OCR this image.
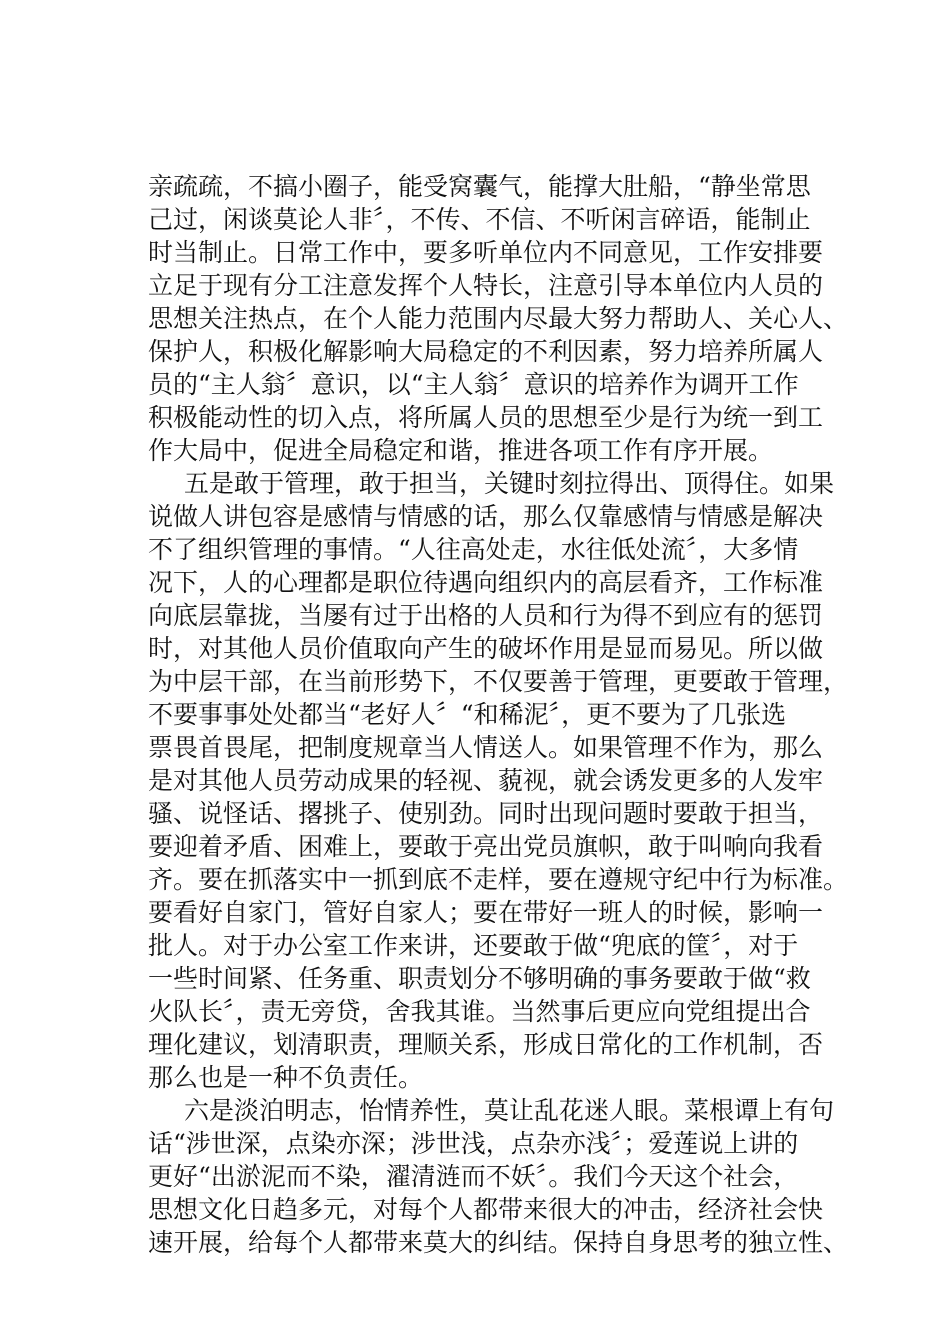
亲疏疏，不搞小圈子，能受窝囊气，能撑大肚船，“静坐常思
己过，闲谈莫论人非〞，不传、不信、不听闲言碎语，能制止
时当制止。日常工作中，要多听单位内不同意见，工作安排要
立足于现有分工注意发挥个人特长，注意引导本单位内人员的
思想关注热点，在个人能力范围内尽最大努力帮助人、关心人、
保护人，积极化解影响大局稳定的不利因素，努力培养所属人
员的“主人翁〞意识，以“主人翁〞意识的培养作为调开工作
积极能动性的切入点，将所属人员的思想至少是行为统一到工
作大局中，促进全局稳定和谐，推进各项工作有序开展。
五是敢于管理，敢于担当，关键时刻拉得出、顶得住。如果
说做人讲包容是感情与情感的话，那么仅靠感情与情感是解决
不了组织管理的事情。“人往高处走，水往低处流〞，大多情
况下，人的心理都是职位待遇向组织内的高层看齐，工作标准
向底层靠拢，当屡有过于出格的人员和行为得不到应有的惩罚
时，对其他人员价值取向产生的破坏作用是显而易见。所以做
为中层干部，在当前形势下，不仅要善于管理，更要敢于管理，
不要事事处处都当“老好人〞“和稀泥〞，更不要为了几张选
票畏首畏尾，把制度规章当人情送人。如果管理不作为，那么
是对其他人员劳动成果的轻视、藐视，就会诱发更多的人发牢
骚、说怪话、撂挑子、使别劲。同时出现问题时要敢于担当，
要迎着矛盾、困难上，要敢于亮出党员旗帜，敢于叫响向我看
齐。要在抓落实中一抓到底不走样，要在遵规守纪中行为标准。
要看好自家门，管好自家人；要在带好一班人的时候，影响一
批人。对于办公室工作来讲，还要敢于做“兜底的筐〞，对于
一些时间紧、任务重、职责划分不够明确的事务要敢于做“救
火队长〞，责无旁贷，舍我其谁。当然事后更应向党组提出合
理化建议，划清职责，理顺关系，形成日常化的工作机制，否
那么也是一种不负责任。
六是淡泊明志，怡情养性，莫让乱花迷人眼。菜根谭上有句
话“涉世深，点染亦深；涉世浅，点杂亦浅〞；爱莲说上讲的
更好“出淤泥而不染，濯清涟而不妖〞。我们今天这个社会，
思想文化日趋多元，对每个人都带来很大的冲击，经济社会快
速开展，给每个人都带来莫大的纠结。保持自身思考的独立性、
